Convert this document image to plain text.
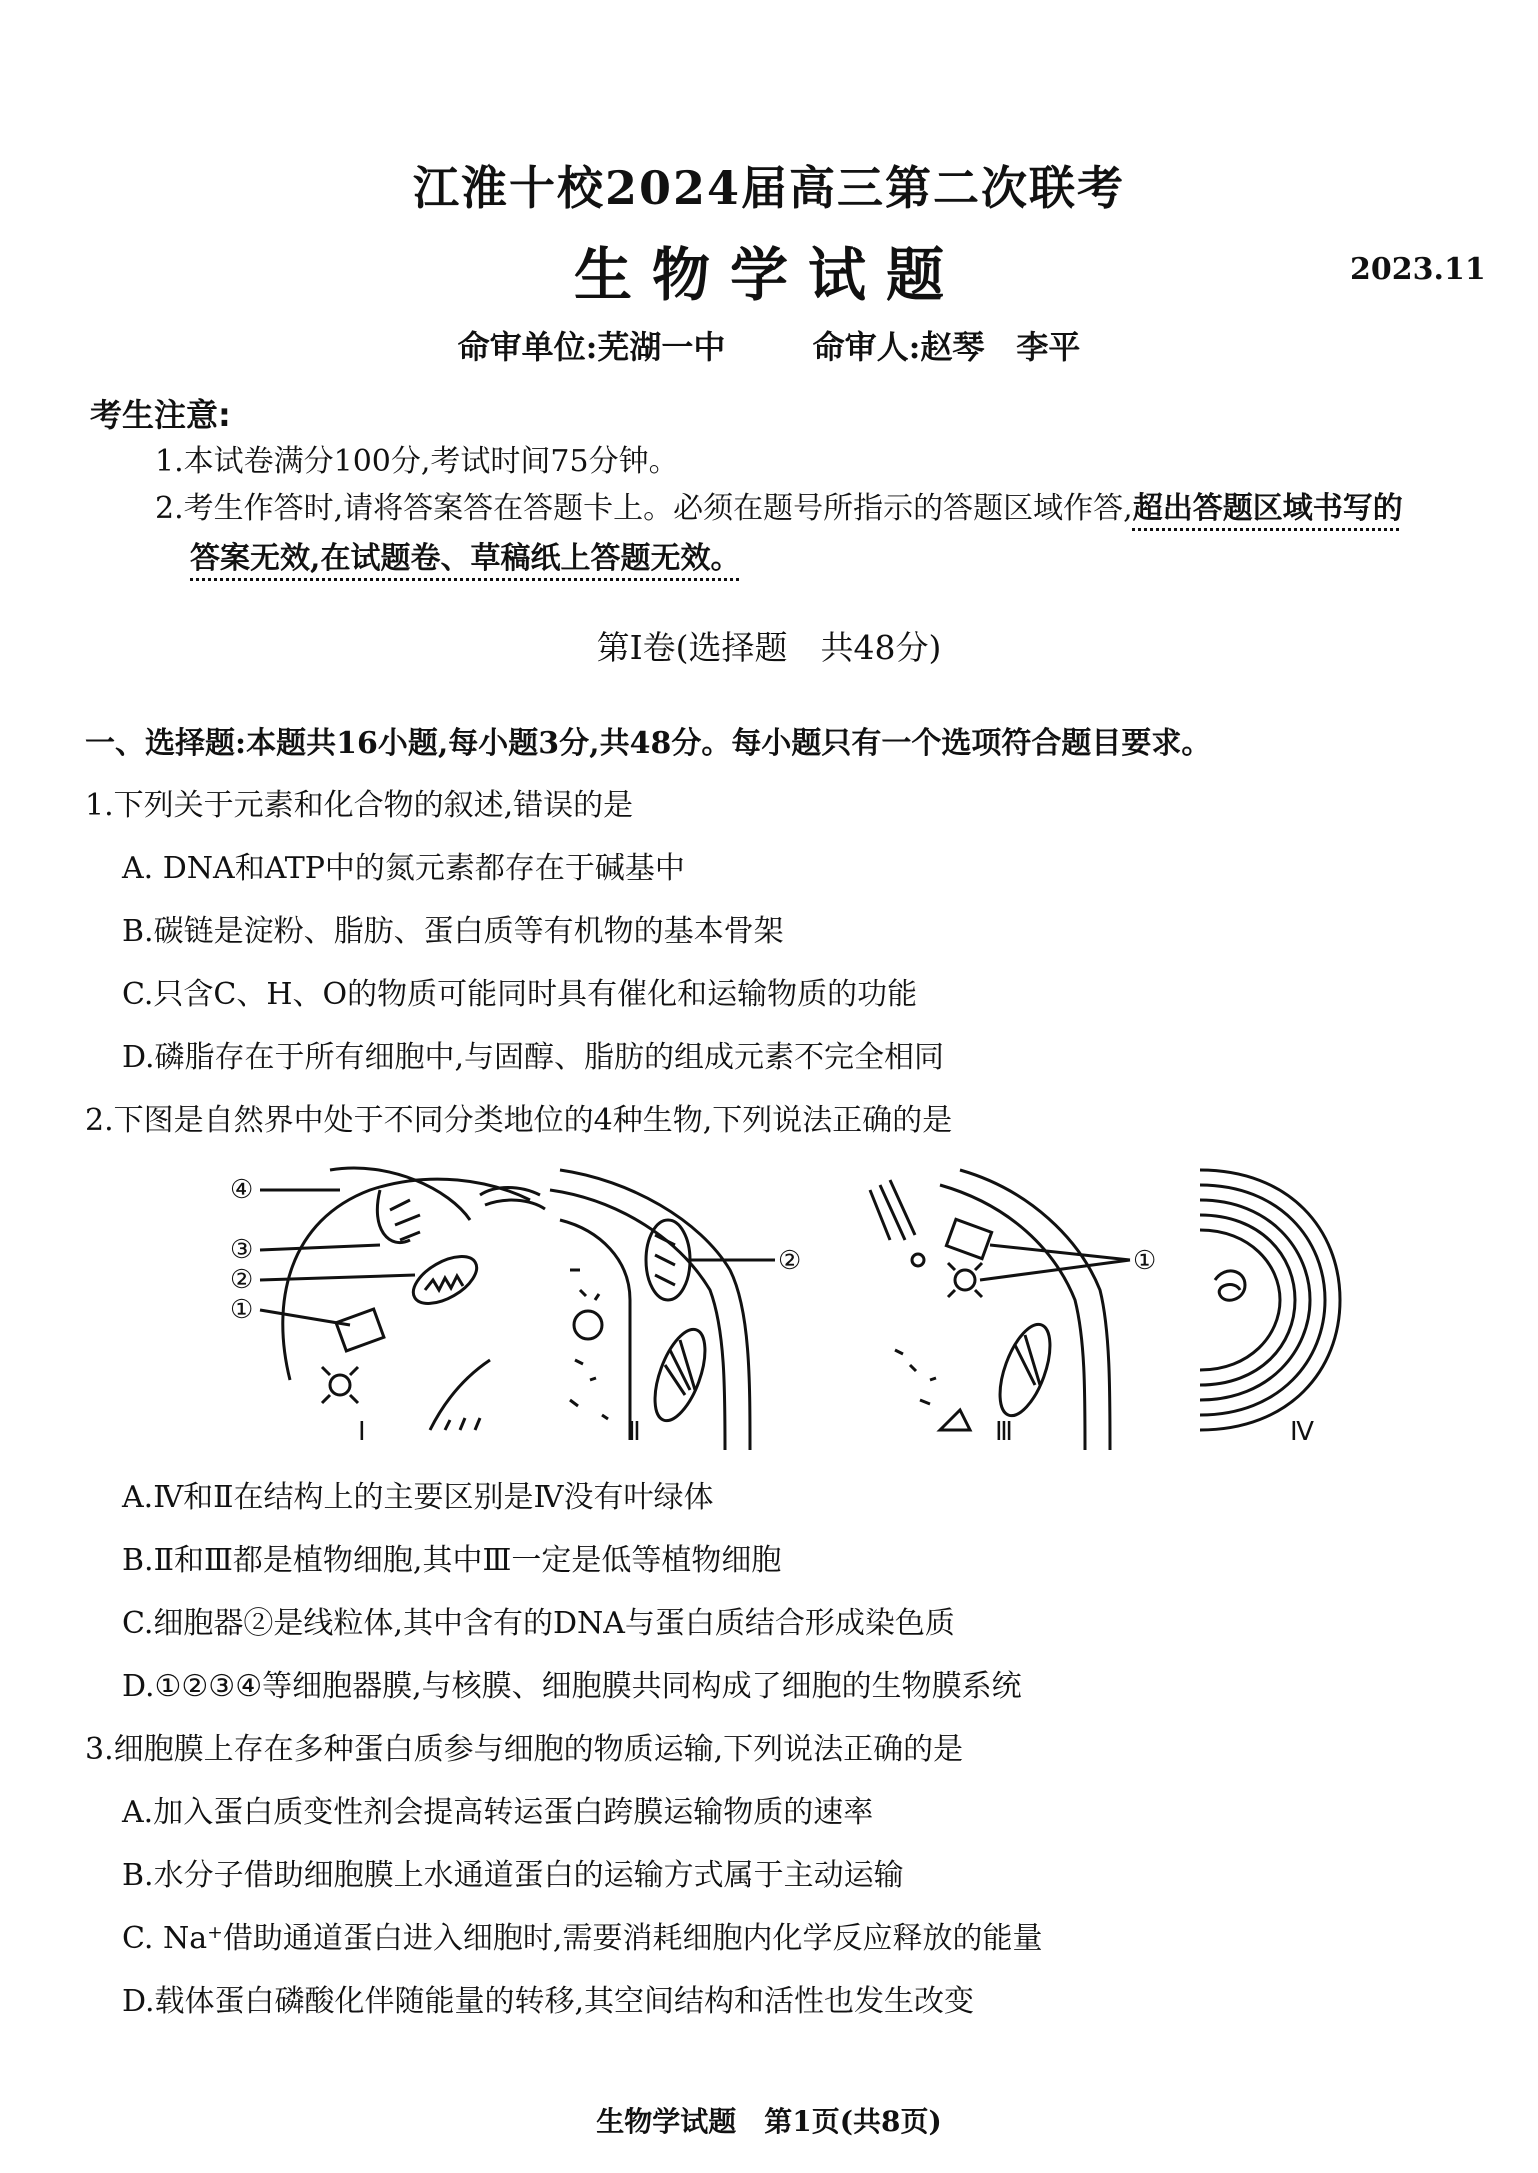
江淮十校2024届高三第二次联考
生物学试题	2023.11
命审单位:芜湖一中	命审人:赵琴　李平
考生注意:
1.本试卷满分100分,考试时间75分钟。
2.考生作答时,请将答案答在答题卡上。必须在题号所指示的答题区域作答,超出答题区域书写的
答案无效,在试题卷、草稿纸上答题无效。
第Ⅰ卷(选择题　共48分)
一、选择题:本题共16小题,每小题3分,共48分。每小题只有一个选项符合题目要求。
1.下列关于元素和化合物的叙述,错误的是
A. DNA和ATP中的氮元素都存在于碱基中
B.碳链是淀粉、脂肪、蛋白质等有机物的基本骨架
C.只含C、H、O的物质可能同时具有催化和运输物质的功能
D.磷脂存在于所有细胞中,与固醇、脂肪的组成元素不完全相同
2.下图是自然界中处于不同分类地位的4种生物,下列说法正确的是
④
③
②
①
②	①
Ⅰ	Ⅱ	Ⅲ	Ⅳ
A.Ⅳ和Ⅱ在结构上的主要区别是Ⅳ没有叶绿体
B.Ⅱ和Ⅲ都是植物细胞,其中Ⅲ一定是低等植物细胞
C.细胞器②是线粒体,其中含有的DNA与蛋白质结合形成染色质
D.①②③④等细胞器膜,与核膜、细胞膜共同构成了细胞的生物膜系统
3.细胞膜上存在多种蛋白质参与细胞的物质运输,下列说法正确的是
A.加入蛋白质变性剂会提高转运蛋白跨膜运输物质的速率
B.水分子借助细胞膜上水通道蛋白的运输方式属于主动运输
C. Na⁺借助通道蛋白进入细胞时,需要消耗细胞内化学反应释放的能量
D.载体蛋白磷酸化伴随能量的转移,其空间结构和活性也发生改变
生物学试题　第1页(共8页)
